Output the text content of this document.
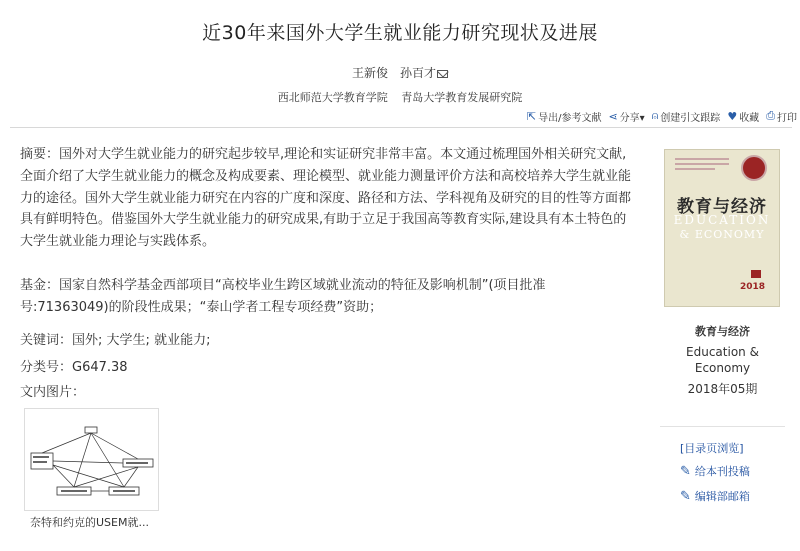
近30年来国外大学生就业能力研究现状及进展
王新俊 孙百才
西北师范大学教育学院 青岛大学教育发展研究院
⇱ 导出/参考文献 ⋖ 分享▾ ⍝ 创建引文跟踪 ♥ 收藏 ⎙ 打印
摘要：国外对大学生就业能力的研究起步较早,理论和实证研究非常丰富。本文通过梳理国外相关研究文献,全面介绍了大学生就业能力的概念及构成要素、理论模型、就业能力测量评价方法和高校培养大学生就业能力的途径。国外大学生就业能力研究在内容的广度和深度、路径和方法、学科视角及研究的目的性等方面都具有鲜明特色。借鉴国外大学生就业能力的研究成果,有助于立足于我国高等教育实际,建设具有本土特色的大学生就业能力理论与实践体系。
基金：国家自然科学基金西部项目“高校毕业生跨区域就业流动的特征及影响机制”(项目批准号:71363049)的阶段性成果；“泰山学者工程专项经费”资助；
关键词：国外; 大学生; 就业能力;
分类号：G647.38
文内图片：
奈特和约克的USEM就...
教育与经济
EDUCATION
& ECONOMY
2018
教育与经济
Education & Economy
2018年05期
[目录页浏览]
✎ 给本刊投稿
✎ 编辑部邮箱
